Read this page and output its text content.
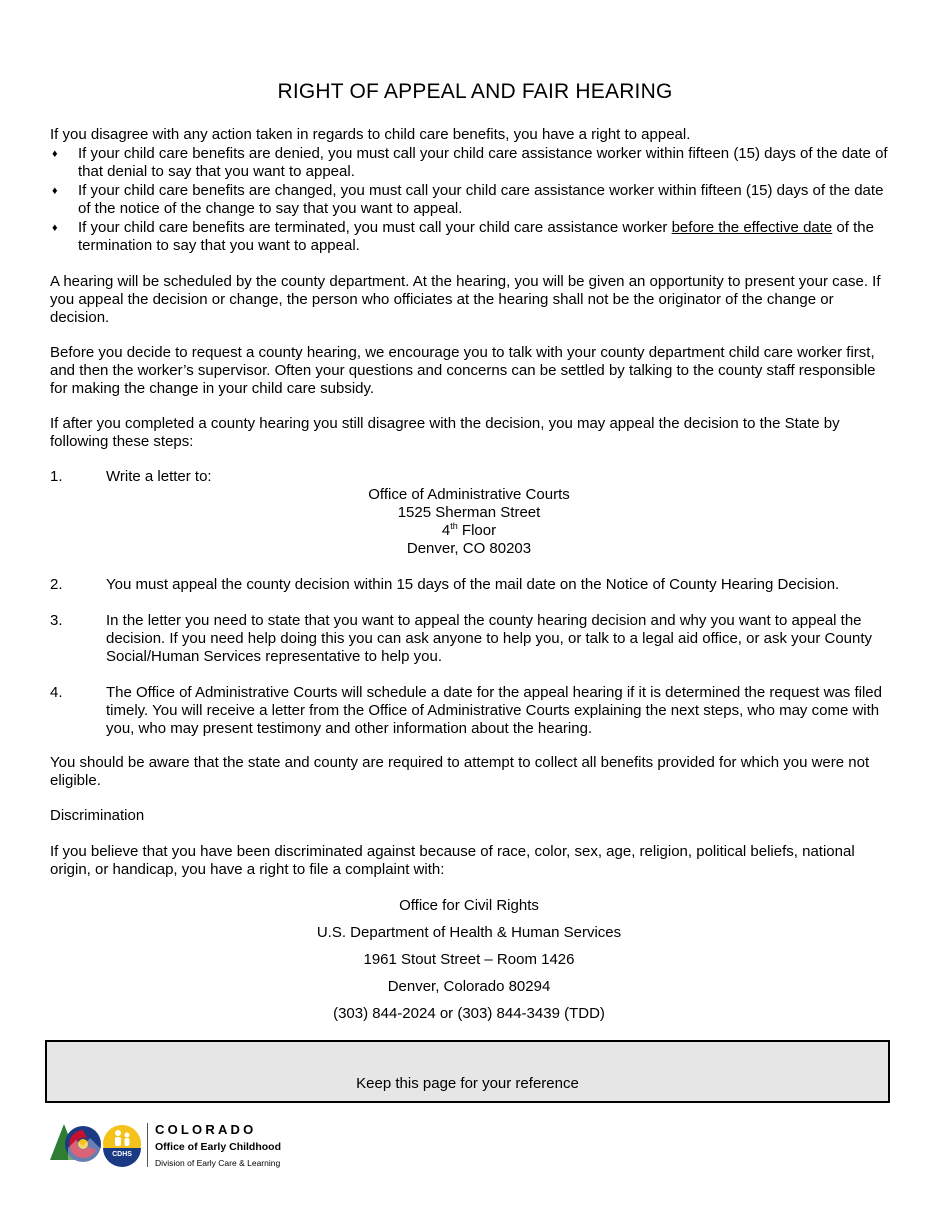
RIGHT OF APPEAL AND FAIR HEARING
If you disagree with any action taken in regards to child care benefits, you have a right to appeal.
♦ If your child care benefits are denied, you must call your child care assistance worker within fifteen (15) days of the date of that denial to say that you want to appeal.
♦ If your child care benefits are changed, you must call your child care assistance worker within fifteen (15) days of the date of the notice of the change to say that you want to appeal.
♦ If your child care benefits are terminated, you must call your child care assistance worker before the effective date of the termination to say that you want to appeal.
A hearing will be scheduled by the county department. At the hearing, you will be given an opportunity to present your case. If you appeal the decision or change, the person who officiates at the hearing shall not be the originator of the change or decision.
Before you decide to request a county hearing, we encourage you to talk with your county department child care worker first, and then the worker’s supervisor. Often your questions and concerns can be settled by talking to the county staff responsible for making the change in your child care subsidy.
If after you completed a county hearing you still disagree with the decision, you may appeal the decision to the State by following these steps:
1.	Write a letter to:
Office of Administrative Courts
1525 Sherman Street
4th Floor
Denver, CO 80203
2.	You must appeal the county decision within 15 days of the mail date on the Notice of County Hearing Decision.
3.	In the letter you need to state that you want to appeal the county hearing decision and why you want to appeal the decision. If you need help doing this you can ask anyone to help you, or talk to a legal aid office, or ask your County Social/Human Services representative to help you.
4.	The Office of Administrative Courts will schedule a date for the appeal hearing if it is determined the request was filed timely. You will receive a letter from the Office of Administrative Courts explaining the next steps, who may come with you, who may present testimony and other information about the hearing.
You should be aware that the state and county are required to attempt to collect all benefits provided for which you were not eligible.
Discrimination
If you believe that you have been discriminated against because of race, color, sex, age, religion, political beliefs, national origin, or handicap, you have a right to file a complaint with:
Office for Civil Rights
U.S. Department of Health & Human Services
1961 Stout Street – Room 1426
Denver, Colorado 80294
(303) 844-2024 or (303) 844-3439 (TDD)
Keep this page for your reference
CDHS
COLORADO
Office of Early Childhood
Division of Early Care & Learning
